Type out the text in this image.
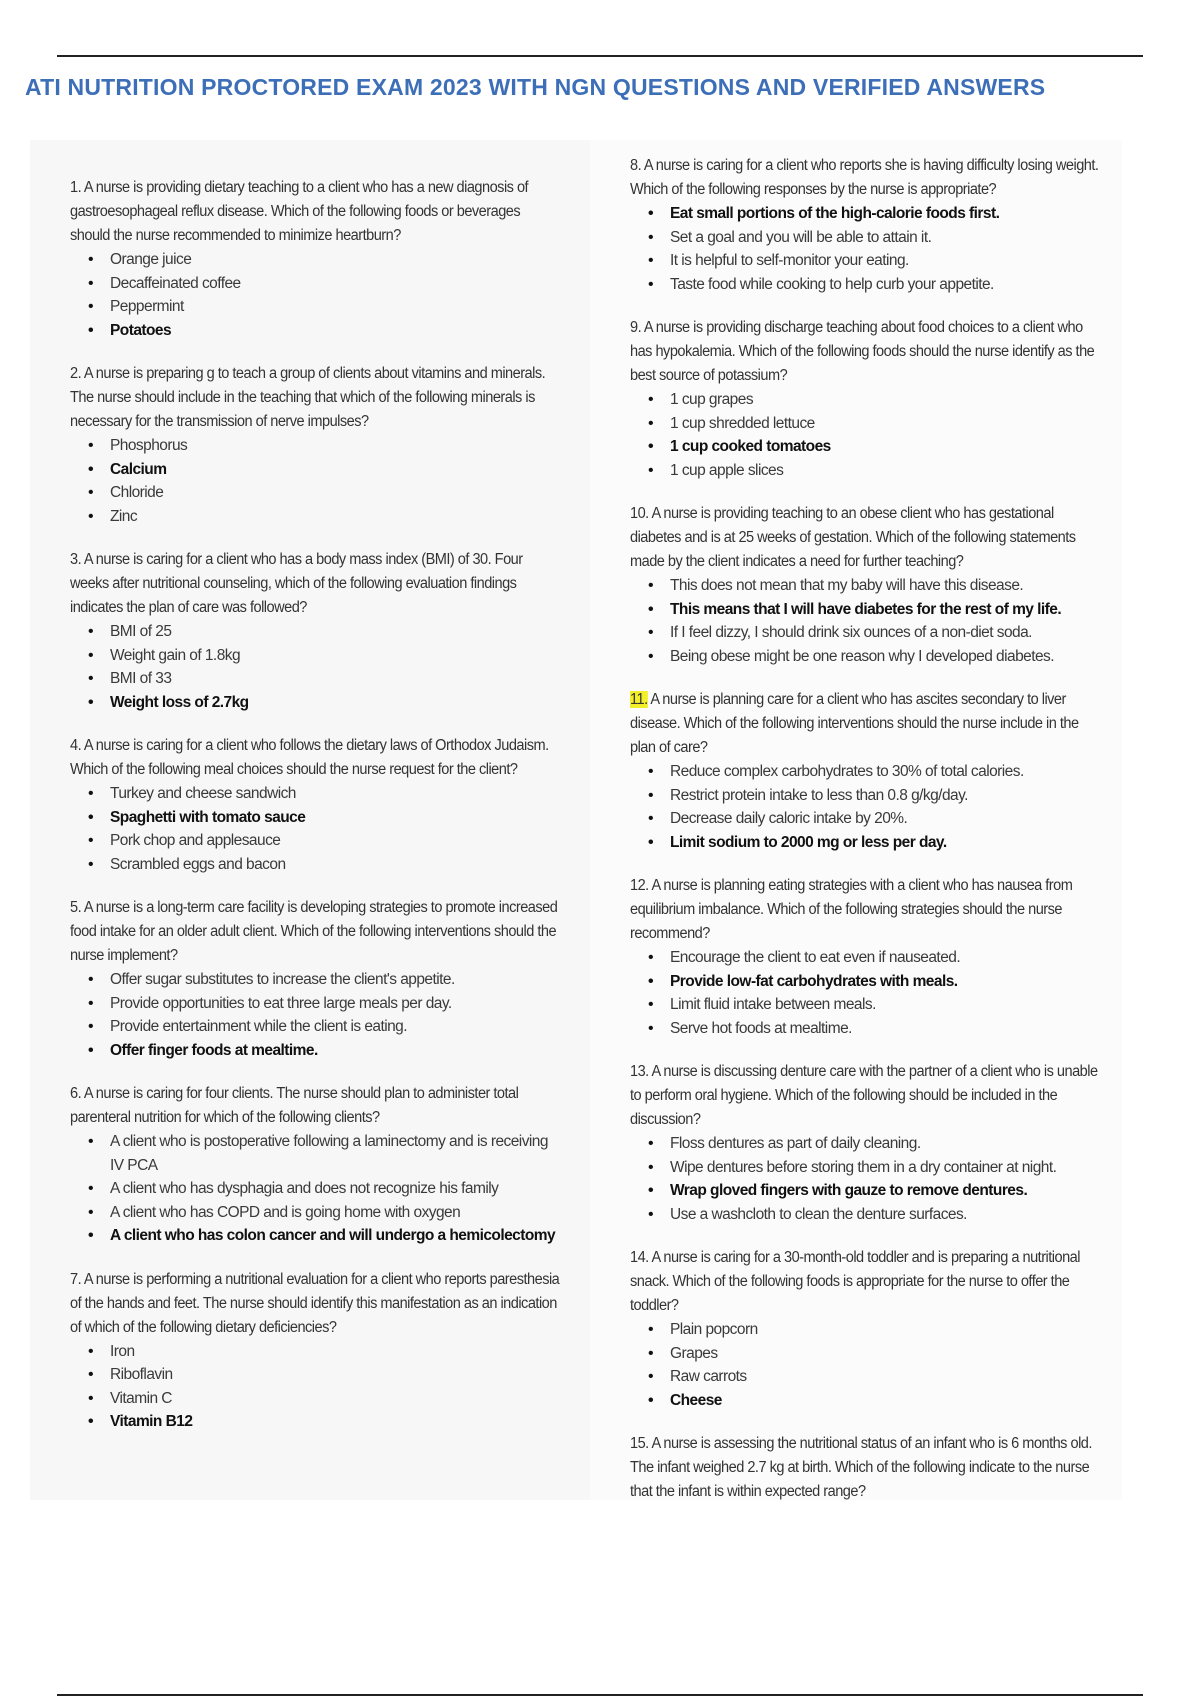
ATI NUTRITION PROCTORED EXAM 2023 WITH NGN QUESTIONS AND VERIFIED ANSWERS
1. A nurse is providing dietary teaching to a client who has a new diagnosis of gastroesophageal reflux disease. Which of the following foods or beverages should the nurse recommended to minimize heartburn?
• Orange juice
• Decaffeinated coffee
• Peppermint
• Potatoes
2. A nurse is preparing g to teach a group of clients about vitamins and minerals. The nurse should include in the teaching that which of the following minerals is necessary for the transmission of nerve impulses?
• Phosphorus
• Calcium
• Chloride
• Zinc
3. A nurse is caring for a client who has a body mass index (BMI) of 30. Four weeks after nutritional counseling, which of the following evaluation findings indicates the plan of care was followed?
• BMI of 25
• Weight gain of 1.8kg
• BMI of 33
• Weight loss of 2.7kg
4. A nurse is caring for a client who follows the dietary laws of Orthodox Judaism. Which of the following meal choices should the nurse request for the client?
• Turkey and cheese sandwich
• Spaghetti with tomato sauce
• Pork chop and applesauce
• Scrambled eggs and bacon
5. A nurse is a long-term care facility is developing strategies to promote increased food intake for an older adult client. Which of the following interventions should the nurse implement?
• Offer sugar substitutes to increase the client's appetite.
• Provide opportunities to eat three large meals per day.
• Provide entertainment while the client is eating.
• Offer finger foods at mealtime.
6. A nurse is caring for four clients. The nurse should plan to administer total parenteral nutrition for which of the following clients?
• A client who is postoperative following a laminectomy and is receiving IV PCA
• A client who has dysphagia and does not recognize his family
• A client who has COPD and is going home with oxygen
• A client who has colon cancer and will undergo a hemicolectomy
7. A nurse is performing a nutritional evaluation for a client who reports paresthesia of the hands and feet. The nurse should identify this manifestation as an indication of which of the following dietary deficiencies?
• Iron
• Riboflavin
• Vitamin C
• Vitamin B12
8. A nurse is caring for a client who reports she is having difficulty losing weight. Which of the following responses by the nurse is appropriate?
• Eat small portions of the high-calorie foods first.
• Set a goal and you will be able to attain it.
• It is helpful to self-monitor your eating.
• Taste food while cooking to help curb your appetite.
9. A nurse is providing discharge teaching about food choices to a client who has hypokalemia. Which of the following foods should the nurse identify as the best source of potassium?
• 1 cup grapes
• 1 cup shredded lettuce
• 1 cup cooked tomatoes
• 1 cup apple slices
10. A nurse is providing teaching to an obese client who has gestational diabetes and is at 25 weeks of gestation. Which of the following statements made by the client indicates a need for further teaching?
• This does not mean that my baby will have this disease.
• This means that I will have diabetes for the rest of my life.
• If I feel dizzy, I should drink six ounces of a non-diet soda.
• Being obese might be one reason why I developed diabetes.
11. A nurse is planning care for a client who has ascites secondary to liver disease. Which of the following interventions should the nurse include in the plan of care?
• Reduce complex carbohydrates to 30% of total calories.
• Restrict protein intake to less than 0.8 g/kg/day.
• Decrease daily caloric intake by 20%.
• Limit sodium to 2000 mg or less per day.
12. A nurse is planning eating strategies with a client who has nausea from equilibrium imbalance. Which of the following strategies should the nurse recommend?
• Encourage the client to eat even if nauseated.
• Provide low-fat carbohydrates with meals.
• Limit fluid intake between meals.
• Serve hot foods at mealtime.
13. A nurse is discussing denture care with the partner of a client who is unable to perform oral hygiene. Which of the following should be included in the discussion?
• Floss dentures as part of daily cleaning.
• Wipe dentures before storing them in a dry container at night.
• Wrap gloved fingers with gauze to remove dentures.
• Use a washcloth to clean the denture surfaces.
14. A nurse is caring for a 30-month-old toddler and is preparing a nutritional snack. Which of the following foods is appropriate for the nurse to offer the toddler?
• Plain popcorn
• Grapes
• Raw carrots
• Cheese
15. A nurse is assessing the nutritional status of an infant who is 6 months old. The infant weighed 2.7 kg at birth. Which of the following indicate to the nurse that the infant is within expected range?
